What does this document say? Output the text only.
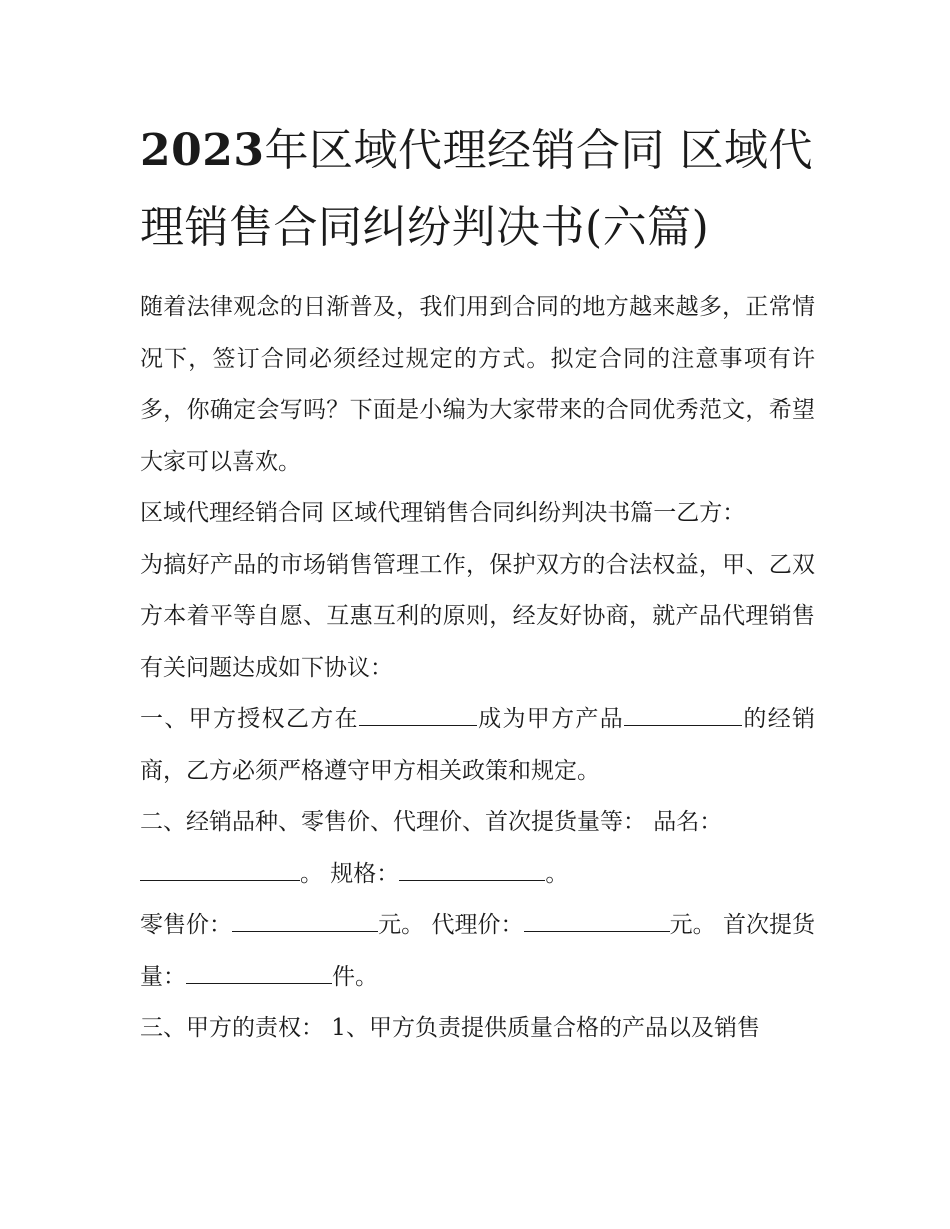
2023年区域代理经销合同 区域代理销售合同纠纷判决书(六篇)

随着法律观念的日渐普及，我们用到合同的地方越来越多，正常情况下，签订合同必须经过规定的方式。拟定合同的注意事项有许多，你确定会写吗？下面是小编为大家带来的合同优秀范文，希望大家可以喜欢。

区域代理经销合同 区域代理销售合同纠纷判决书篇一乙方：

为搞好产品的市场销售管理工作，保护双方的合法权益，甲、乙双方本着平等自愿、互惠互利的原则，经友好协商，就产品代理销售有关问题达成如下协议：

一、甲方授权乙方在	成为甲方产品	的经销商，乙方必须严格遵守甲方相关政策和规定。

二、经销品种、零售价、代理价、首次提货量等： 品名：
。 规格：	。

零售价：	元。 代理价：	元。 首次提货量：	件。

三、甲方的责权： 1、甲方负责提供质量合格的产品以及销售
